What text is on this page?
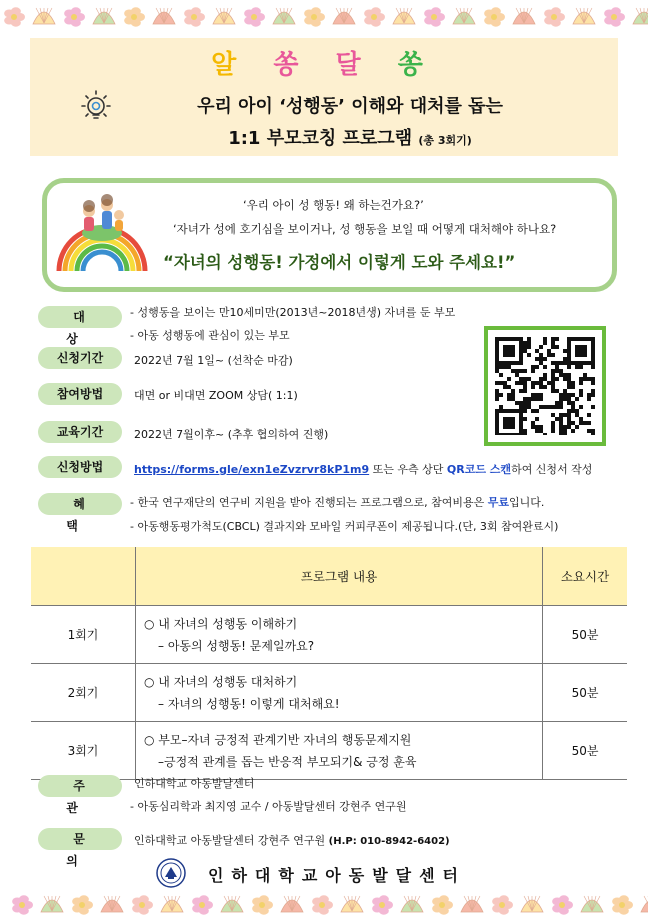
알 쏭 달 쏭
우리 아이 ‘성행동’ 이해와 대처를 돕는
1:1 부모코칭 프로그램 (총 3회기)
‘우리 아이 성 행동! 왜 하는건가요?’
‘자녀가 성에 호기심을 보이거나, 성 행동을 보일 때 어떻게 대처해야 하나요?
“자녀의 성행동! 가정에서 이렇게 도와 주세요!”
대 상
- 성행동을 보이는 만10세미만(2013년~2018년생) 자녀를 둔 부모
- 아동 성행동에 관심이 있는 부모
신청기간	2022년 7월 1일~ (선착순 마감)
참여방법	대면 or 비대면 ZOOM 상담( 1:1)
교육기간	2022년 7월이후~ (추후 협의하여 진행)
신청방법	https://forms.gle/exn1eZvzrvr8kP1m9 또는 우측 상단 QR코드 스캔하여 신청서 작성
혜 택
- 한국 연구재단의 연구비 지원을 받아 진행되는 프로그램으로, 참여비용은 무료입니다.
- 아동행동평가척도(CBCL) 결과지와 모바일 커피쿠폰이 제공됩니다.(단, 3회 참여완료시)
	프로그램 내용	소요시간
1회기	○ 내 자녀의 성행동 이해하기
– 아동의 성행동! 문제일까요?	50분
2회기	○ 내 자녀의 성행동 대처하기
– 자녀의 성행동! 이렇게 대처해요!	50분
3회기	○ 부모–자녀 긍정적 관계기반 자녀의 행동문제지원
–긍정적 관계를 돕는 반응적 부모되기& 긍정 훈육	50분
주 관
인하대학교 아동발달센터
- 아동심리학과 최지영 교수 / 아동발달센터 강현주 연구원
문 의
인하대학교 아동발달센터 강현주 연구원 (H.P: 010-8942-6402)
인하대학교아동발달센터
